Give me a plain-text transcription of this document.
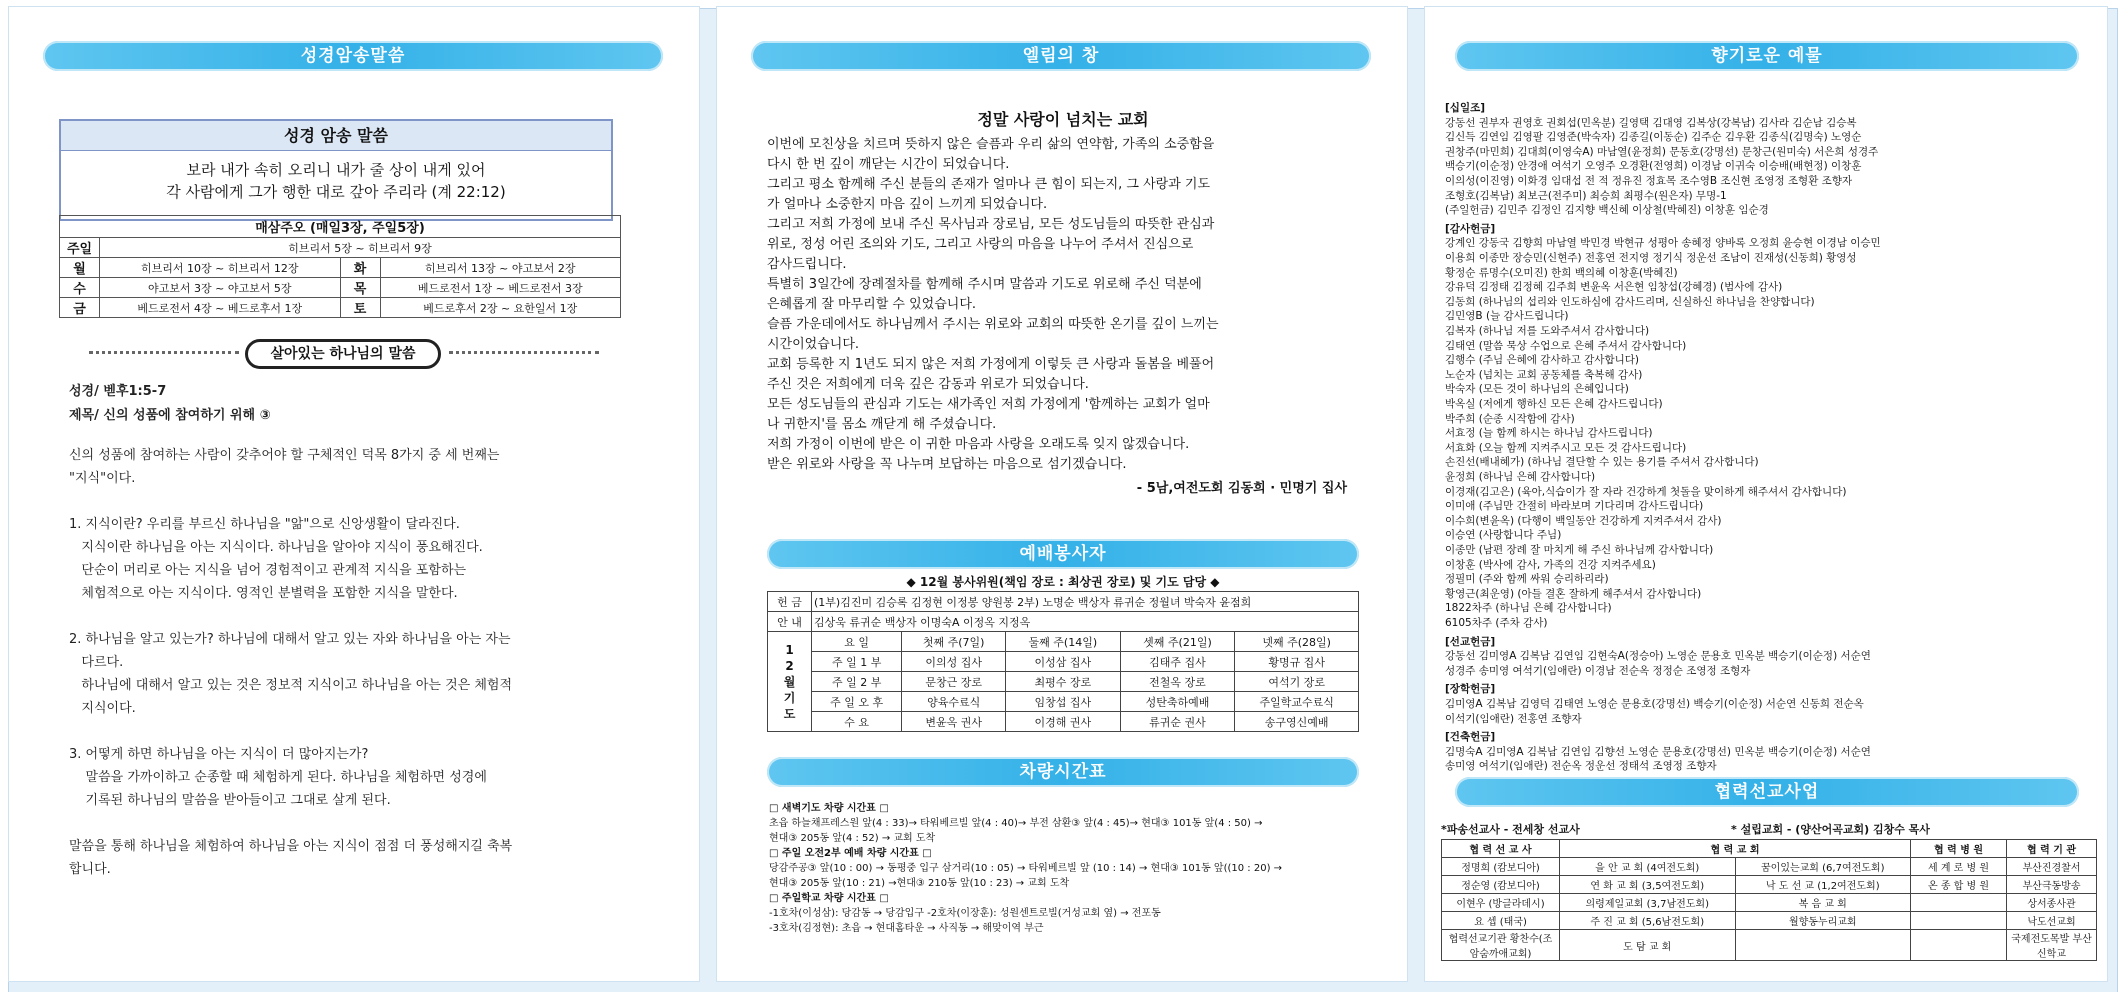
성경암송말씀
성경 암송 말씀
보라 내가 속히 오리니 내가 줄 상이 내게 있어
각 사람에게 그가 행한 대로 갚아 주리라 (계 22:12)
매삼주오 (매일3장, 주일5장)			
주일	히브리서 5장 ~ 히브리서 9장		
월	히브리서 10장 ~ 히브리서 12장	화	히브리서 13장 ~ 야고보서 2장
수	야고보서 3장 ~ 야고보서 5장	목	베드로전서 1장 ~ 베드로전서 3장
금	베드로전서 4장 ~ 베드로후서 1장	토	베드로후서 2장 ~ 요한일서 1장
살아있는 하나님의 말씀
성경/ 벧후1:5-7
제목/ 신의 성품에 참여하기 위해 ③
신의 성품에 참여하는 사람이 갖추어야 할 구체적인 덕목 8가지 중 세 번째는
"지식"이다.
1. 지식이란? 우리를 부르신 하나님을 "앎"으로 신앙생활이 달라진다.
지식이란 하나님을 아는 지식이다. 하나님을 알아야 지식이 풍요해진다.
단순이 머리로 아는 지식을 넘어 경험적이고 관계적 지식을 포함하는
체험적으로 아는 지식이다. 영적인 분별력을 포함한 지식을 말한다.
2. 하나님을 알고 있는가? 하나님에 대해서 알고 있는 자와 하나님을 아는 자는
다르다.
하나님에 대해서 알고 있는 것은 정보적 지식이고 하나님을 아는 것은 체험적
지식이다.
3. 어떻게 하면 하나님을 아는 지식이 더 많아지는가?
말씀을 가까이하고 순종할 때 체험하게 된다. 하나님을 체험하면 성경에
기록된 하나님의 말씀을 받아들이고 그대로 살게 된다.
말씀을 통해 하나님을 체험하여 하나님을 아는 지식이 점점 더 풍성해지길 축복
합니다.
엘림의 창
정말 사랑이 넘치는 교회
이번에 모친상을 치르며 뜻하지 않은 슬픔과 우리 삶의 연약함, 가족의 소중함을
다시 한 번 깊이 깨닫는 시간이 되었습니다.
그리고 평소 함께해 주신 분들의 존재가 얼마나 큰 힘이 되는지, 그 사랑과 기도
가 얼마나 소중한지 마음 깊이 느끼게 되었습니다.
그리고 저희 가정에 보내 주신 목사님과 장로님, 모든 성도님들의 따뜻한 관심과
위로, 정성 어린 조의와 기도, 그리고 사랑의 마음을 나누어 주셔서 진심으로
감사드립니다.
특별히 3일간에 장례절차를 함께해 주시며 말씀과 기도로 위로해 주신 덕분에
은혜롭게 잘 마무리할 수 있었습니다.
슬픔 가운데에서도 하나님께서 주시는 위로와 교회의 따뜻한 온기를 깊이 느끼는
시간이었습니다.
교회 등록한 지 1년도 되지 않은 저희 가정에게 이렇듯 큰 사랑과 돌봄을 베풀어
주신 것은 저희에게 더욱 깊은 감동과 위로가 되었습니다.
모든 성도님들의 관심과 기도는 새가족인 저희 가정에게 '함께하는 교회가 얼마
나 귀한지'를 몸소 깨닫게 해 주셨습니다.
저희 가정이 이번에 받은 이 귀한 마음과 사랑을 오래도록 잊지 않겠습니다.
받은 위로와 사랑을 꼭 나누며 보답하는 마음으로 섬기겠습니다.
- 5남,여전도회 김동희 · 민명기 집사
예배봉사자
◆ 12월 봉사위원(책임 장로 : 최상권 장로) 및 기도 담당 ◆
헌 금	(1부)김진미 김승록 김정현 이정봉 양원봉 2부) 노명순 백상자 류귀순 정월녀 박숙자 윤점희				
안 내	김상욱 류귀순 백상자 이명숙A 이정옥 지정옥				
12월기도	요 일	첫째 주(7일)	둘째 주(14일)	셋째 주(21일)	넷째 주(28일)
	주 일 1 부	이의성 집사	이성삼 집사	김태주 집사	황명규 집사
	주 일 2 부	문창근 장로	최평수 장로	전철옥 장로	여석기 장로
	주 일 오 후	양육수료식	임창섭 집사	성탄축하예배	주일학교수료식
	수 요	변윤옥 권사	이경해 권사	류귀순 권사	송구영신예배
차량시간표
□ 새벽기도 차량 시간표 □
초읍 하늘채프레스원 앞(4 : 33)→ 타워베르빌 앞(4 : 40)→ 부전 삼환③ 앞(4 : 45)→ 현대③ 101동 앞(4 : 50) →
현대③ 205동 앞(4 : 52) → 교회 도착
□ 주일 오전2부 예배 차량 시간표 □
당감주공③ 앞(10 : 00) → 동평중 입구 삼거리(10 : 05) → 타워베르빌 앞 (10 : 14) → 현대③ 101동 앞((10 : 20) →
현대③ 205동 앞(10 : 21) →현대③ 210동 앞(10 : 23) → 교회 도착
□ 주일학교 차량 시간표 □
-1호차(이성삼): 당감동 → 당감입구 -2호차(이장훈): 성원센트로빌(거성교회 옆) → 전포동
-3호차(김정현): 초읍 → 현대홈타운 → 사직동 → 해맞이역 부근
향기로운 예물
[십일조]
강동선 권부자 권영호 권회섭(민옥분) 길영택 김대영 김복상(강복남) 김사라 김순남 김승복
김신득 김연임 김영팔 김영준(박숙자) 김종길(이동순) 김주순 김우환 김종식(김명숙) 노영순
권창주(마민희) 김대희(이영숙A) 마남열(윤정희) 문동호(강명선) 문창근(원미숙) 서은희 성경주
백승기(이순정) 안경애 여석기 오영주 오경환(전영희) 이경남 이귀숙 이승배(배현정) 이창훈
이의성(이진영) 이화경 임대섭 전 적 정유진 정효목 조수영B 조신현 조영정 조형환 조향자
조형호(김복남) 최보근(전주미) 최승희 최평수(원은자) 무명-1
(주일헌금) 김민주 김정인 김지향 백신혜 이상철(박혜진) 이창훈 임순경
[감사헌금]
강계인 강동국 김향희 마남열 박민경 박현규 성평아 송혜정 양바록 오정희 윤승현 이경남 이승민
이용희 이종만 장승민(신현주) 전홍연 전지영 정기식 정운선 조남이 진재성(신동희) 황영성
황정순 류명수(오미진) 한희 백의혜 이창훈(박혜진)
강유덕 김정태 김정혜 김주희 변윤옥 서은현 임창섭(강혜경) (범사에 감사)
김동희 (하나님의 섭리와 인도하심에 감사드리며, 신실하신 하나님을 찬양합니다)
김민영B (늘 감사드립니다)
김복자 (하나님 저를 도와주셔서 감사합니다)
김태연 (말씀 묵상 수업으로 은혜 주셔서 감사합니다)
김행수 (주님 은혜에 감사하고 감사합니다)
노순자 (넘치는 교회 공동체를 축복해 감사)
박숙자 (모든 것이 하나님의 은혜입니다)
박옥실 (저에게 행하신 모든 은혜 감사드립니다)
박주희 (순종 시작함에 감사)
서효정 (늘 함께 하시는 하나님 감사드립니다)
서효화 (오늘 함께 지켜주시고 모든 것 감사드립니다)
손진선(배내혜가) (하나님 결단할 수 있는 용기를 주셔서 감사합니다)
윤정희 (하나님 은혜 감사합니다)
이경재(김고은) (육아,식습이가 잘 자라 건강하게 첫돌을 맞이하게 해주셔서 감사합니다)
이미애 (주님만 간절히 바라보며 기다리며 감사드립니다)
이수희(변윤옥) (다행이 백일동안 건강하게 지켜주셔서 감사)
이승연 (사랑합니다 주님)
이종만 (남편 장례 잘 마치게 해 주신 하나님께 감사합니다)
이창훈 (박사에 감사, 가족의 건강 지켜주세요)
정필미 (주와 함께 싸워 승리하리라)
황영근(최운영) (아들 결혼 잘하게 해주셔서 감사합니다)
1822차주 (하나님 은혜 감사합니다)
6105차주 (주차 감사)
[선교헌금]
강동선 김미영A 김복남 김연임 김현숙A(정승아) 노영순 문용호 민옥분 백승기(이순정) 서순연
성경주 송미영 여석기(임애란) 이경남 전순옥 정정순 조영정 조형자
[장학헌금]
김미영A 김복남 김영덕 김태연 노영순 문용호(강명선) 백승기(이순정) 서순연 신동희 전순옥
이석기(임애란) 전홍연 조향자
[건축헌금]
김명숙A 김미영A 김복남 김연임 김향선 노영순 문용호(강명선) 민옥분 백승기(이순정) 서순연
송미영 여석기(임애란) 전순옥 정운선 정태석 조영정 조향자
협력선교사업
*파송선교사 - 전세창 선교사	* 설립교회 - (양산어곡교회) 김창수 목사
협 력 선 교 사	협 력 교 회		협 력 병 원	협 력 기 관
정명희 (캄보디아)	을 안 교 회 (4여전도회)	꿈이있는교회 (6,7여전도회)	세 계 로 병 원	부산진경찰서
정순영 (캄보디아)	연 화 교 회 (3,5여전도회)	낙 도 선 교 (1,2여전도회)	온 종 합 병 원	부산극동방송
이현우 (방글라데시)	의령제일교회 (3,7남전도회)	복 음 교 회		상서종사관
요 셉 (태국)	주 진 교 회 (5,6남전도회)	월향동누리교회		낙도선교회
협력선교기관 황찬수(조암숨까애교회)	도 탐 교 회			국제전도목발 부산신학교
